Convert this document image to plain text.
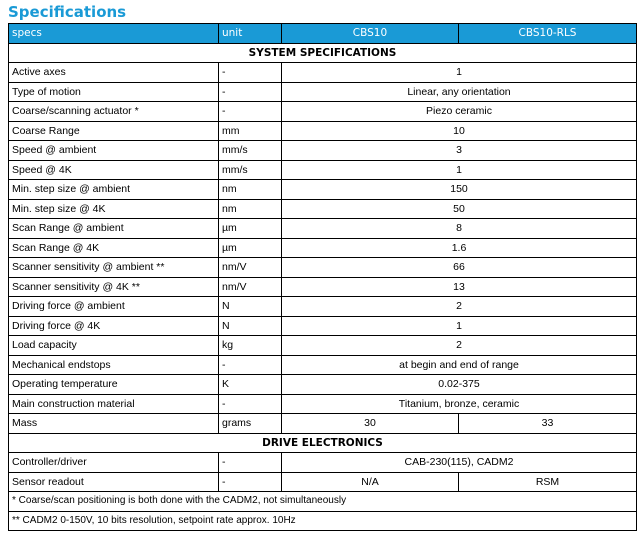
Specifications
specs	unit	CBS10	CBS10-RLS
SYSTEM SPECIFICATIONS			
Active axes	-	1	
Type of motion	-	Linear, any orientation	
Coarse/scanning actuator *	-	Piezo ceramic	
Coarse Range	mm	10	
Speed @ ambient	mm/s	3	
Speed @ 4K	mm/s	1	
Min. step size @ ambient	nm	150	
Min. step size @ 4K	nm	50	
Scan Range @ ambient	µm	8	
Scan Range @ 4K	µm	1.6	
Scanner sensitivity @ ambient **	nm/V	66	
Scanner sensitivity @ 4K **	nm/V	13	
Driving force @ ambient	N	2	
Driving force @ 4K	N	1	
Load capacity	kg	2	
Mechanical endstops	-	at begin and end of range	
Operating temperature	K	0.02-375	
Main construction material	-	Titanium, bronze, ceramic	
Mass	grams	30	33
DRIVE ELECTRONICS			
Controller/driver	-	CAB-230(115), CADM2	
Sensor readout	-	N/A	RSM
* Coarse/scan positioning is both done with the CADM2, not simultaneously			
** CADM2 0-150V, 10 bits resolution, setpoint rate approx. 10Hz			
